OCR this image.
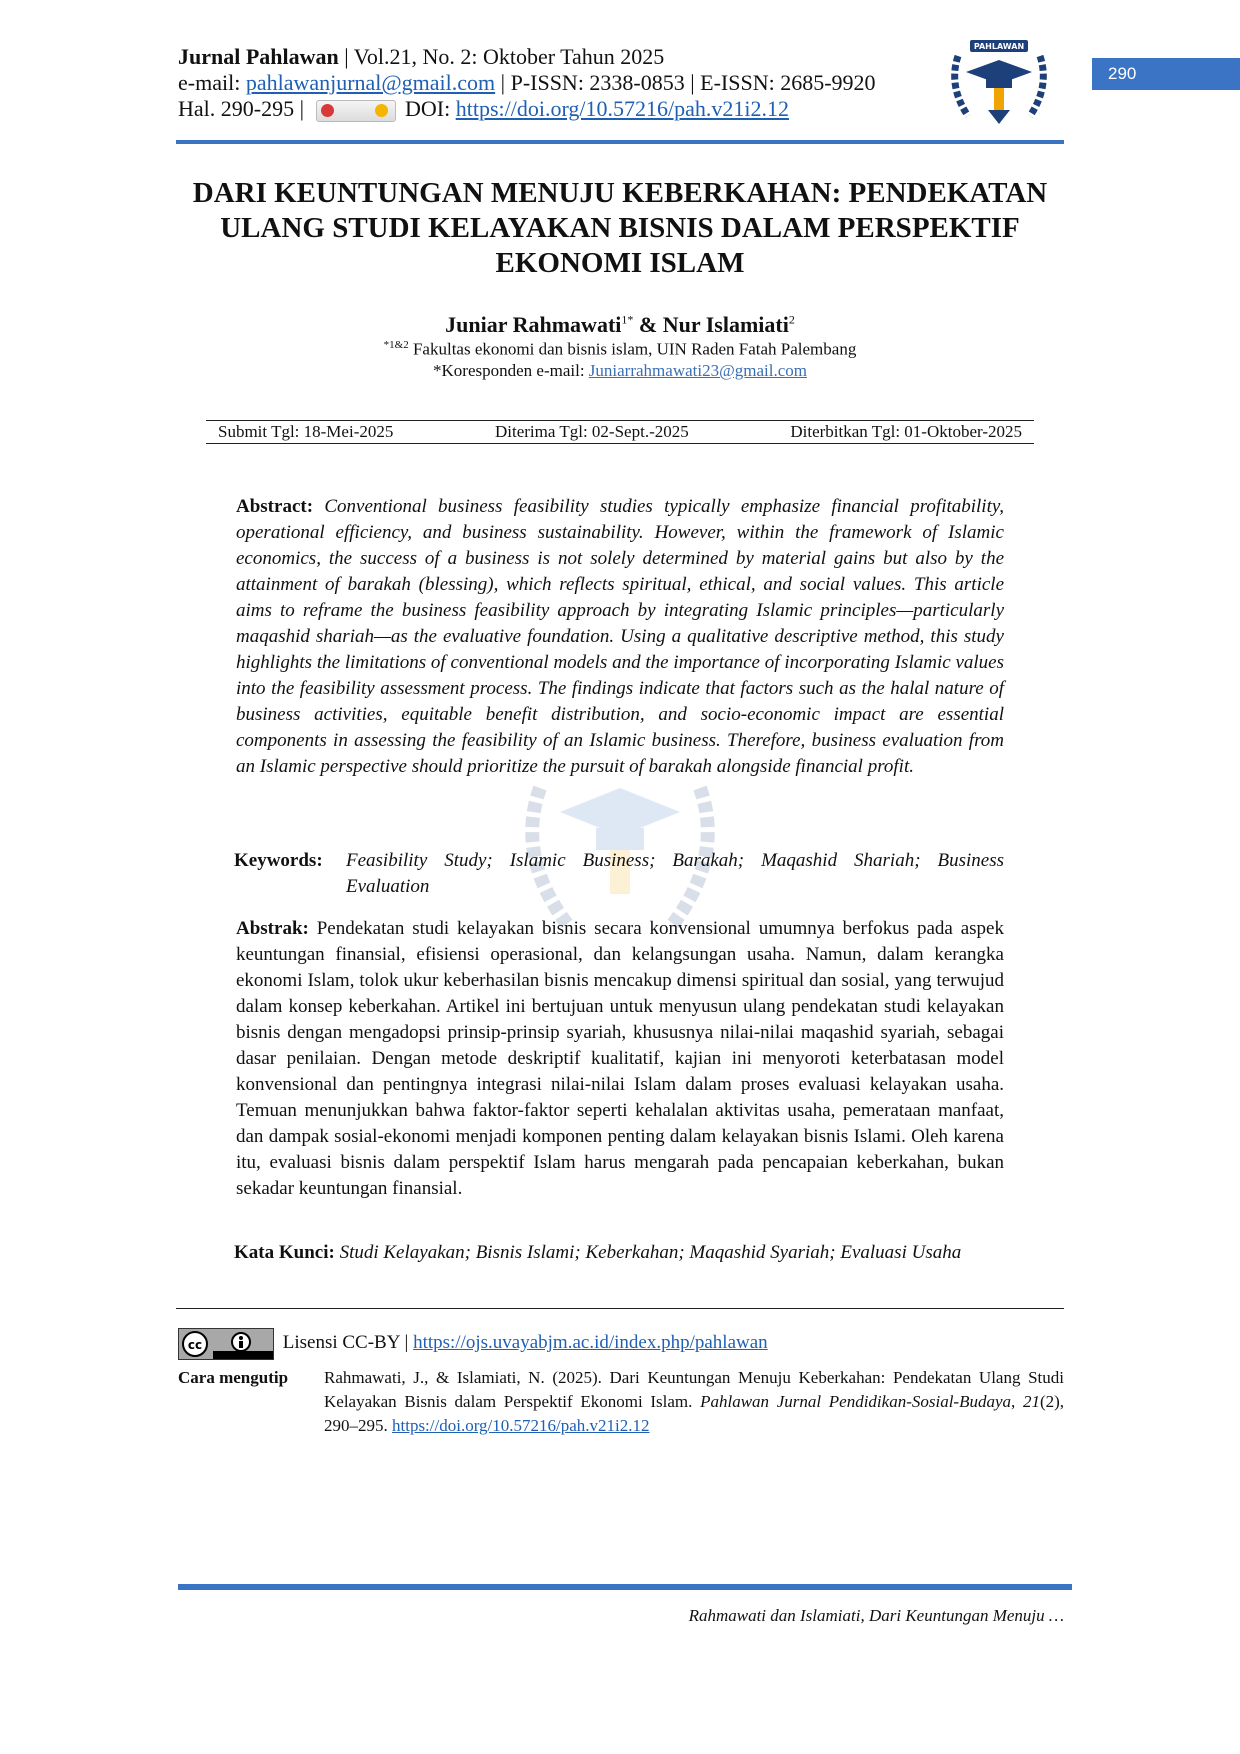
Jurnal Pahlawan | Vol.21, No. 2: Oktober Tahun 2025
e-mail: pahlawanjurnal@gmail.com | P-ISSN: 2338-0853 | E-ISSN: 2685-9920
Hal. 290-295 |	DOI: https://doi.org/10.57216/pah.v21i2.12
PAHLAWAN
290
DARI KEUNTUNGAN MENUJU KEBERKAHAN: PENDEKATAN ULANG STUDI KELAYAKAN BISNIS DALAM PERSPEKTIF EKONOMI ISLAM
Juniar Rahmawati$^{1*}$ & Nur Islamiati$^2$
$^{*1\&2}$ Fakultas ekonomi dan bisnis islam, UIN Raden Fatah Palembang
*Koresponden e-mail: Juniarrahmawati23@gmail.com
Submit Tgl: 18-Mei-2025	Diterima Tgl: 02-Sept.-2025	Diterbitkan Tgl: 01-Oktober-2025
Abstract: Conventional business feasibility studies typically emphasize financial profitability, operational efficiency, and business sustainability. However, within the framework of Islamic economics, the success of a business is not solely determined by material gains but also by the attainment of barakah (blessing), which reflects spiritual, ethical, and social values. This article aims to reframe the business feasibility approach by integrating Islamic principles—particularly maqashid shariah—as the evaluative foundation. Using a qualitative descriptive method, this study highlights the limitations of conventional models and the importance of incorporating Islamic values into the feasibility assessment process. The findings indicate that factors such as the halal nature of business activities, equitable benefit distribution, and socio-economic impact are essential components in assessing the feasibility of an Islamic business. Therefore, business evaluation from an Islamic perspective should prioritize the pursuit of barakah alongside financial profit.
Keywords:	Feasibility Study; Islamic Business; Barakah; Maqashid Shariah; Business Evaluation
Abstrak: Pendekatan studi kelayakan bisnis secara konvensional umumnya berfokus pada aspek keuntungan finansial, efisiensi operasional, dan kelangsungan usaha. Namun, dalam kerangka ekonomi Islam, tolok ukur keberhasilan bisnis mencakup dimensi spiritual dan sosial, yang terwujud dalam konsep keberkahan. Artikel ini bertujuan untuk menyusun ulang pendekatan studi kelayakan bisnis dengan mengadopsi prinsip-prinsip syariah, khususnya nilai-nilai maqashid syariah, sebagai dasar penilaian. Dengan metode deskriptif kualitatif, kajian ini menyoroti keterbatasan model konvensional dan pentingnya integrasi nilai-nilai Islam dalam proses evaluasi kelayakan usaha. Temuan menunjukkan bahwa faktor-faktor seperti kehalalan aktivitas usaha, pemerataan manfaat, dan dampak sosial-ekonomi menjadi komponen penting dalam kelayakan bisnis Islami. Oleh karena itu, evaluasi bisnis dalam perspektif Islam harus mengarah pada pencapaian keberkahan, bukan sekadar keuntungan finansial.
Kata Kunci: Studi Kelayakan; Bisnis Islami; Keberkahan; Maqashid Syariah; Evaluasi Usaha
cc	Lisensi CC-BY | https://ojs.uvayabjm.ac.id/index.php/pahlawan
Cara mengutip	Rahmawati, J., & Islamiati, N. (2025). Dari Keuntungan Menuju Keberkahan: Pendekatan Ulang Studi Kelayakan Bisnis dalam Perspektif Ekonomi Islam. Pahlawan Jurnal Pendidikan-Sosial-Budaya, 21(2), 290–295. https://doi.org/10.57216/pah.v21i2.12
Rahmawati dan Islamiati, Dari Keuntungan Menuju …
